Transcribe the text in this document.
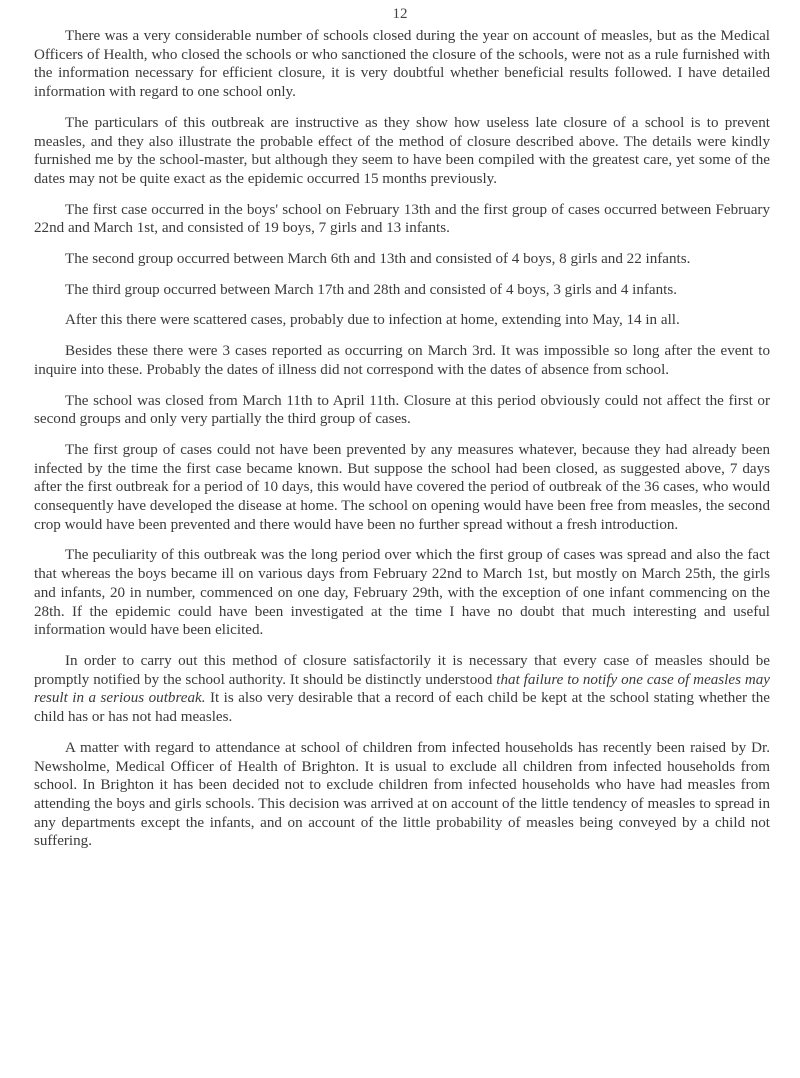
12

There was a very considerable number of schools closed during the year on account of measles, but as the Medical Officers of Health, who closed the schools or who sanctioned the closure of the schools, were not as a rule furnished with the information necessary for efficient closure, it is very doubtful whether beneficial results followed. I have detailed information with regard to one school only.

The particulars of this outbreak are instructive as they show how useless late closure of a school is to prevent measles, and they also illustrate the probable effect of the method of closure described above. The details were kindly furnished me by the school-master, but although they seem to have been compiled with the greatest care, yet some of the dates may not be quite exact as the epidemic occurred 15 months previously.

The first case occurred in the boys' school on February 13th and the first group of cases occurred between February 22nd and March 1st, and consisted of 19 boys, 7 girls and 13 infants.

The second group occurred between March 6th and 13th and consisted of 4 boys, 8 girls and 22 infants.

The third group occurred between March 17th and 28th and consisted of 4 boys, 3 girls and 4 infants.

After this there were scattered cases, probably due to infection at home, extending into May, 14 in all.

Besides these there were 3 cases reported as occurring on March 3rd. It was impossible so long after the event to inquire into these. Probably the dates of illness did not correspond with the dates of absence from school.

The school was closed from March 11th to April 11th. Closure at this period obviously could not affect the first or second groups and only very partially the third group of cases.

The first group of cases could not have been prevented by any measures whatever, because they had already been infected by the time the first case became known. But suppose the school had been closed, as suggested above, 7 days after the first outbreak for a period of 10 days, this would have covered the period of outbreak of the 36 cases, who would consequently have developed the disease at home. The school on opening would have been free from measles, the second crop would have been prevented and there would have been no further spread without a fresh introduction.

The peculiarity of this outbreak was the long period over which the first group of cases was spread and also the fact that whereas the boys became ill on various days from February 22nd to March 1st, but mostly on March 25th, the girls and infants, 20 in number, commenced on one day, February 29th, with the exception of one infant commencing on the 28th. If the epidemic could have been investigated at the time I have no doubt that much interesting and useful information would have been elicited.

In order to carry out this method of closure satisfactorily it is necessary that every case of measles should be promptly notified by the school authority. It should be distinctly understood that failure to notify one case of measles may result in a serious outbreak. It is also very desirable that a record of each child be kept at the school stating whether the child has or has not had measles.

A matter with regard to attendance at school of children from infected households has recently been raised by Dr. Newsholme, Medical Officer of Health of Brighton. It is usual to exclude all children from infected households from school. In Brighton it has been decided not to exclude children from infected households who have had measles from attending the boys and girls schools. This decision was arrived at on account of the little tendency of measles to spread in any departments except the infants, and on account of the little probability of measles being conveyed by a child not suffering.
